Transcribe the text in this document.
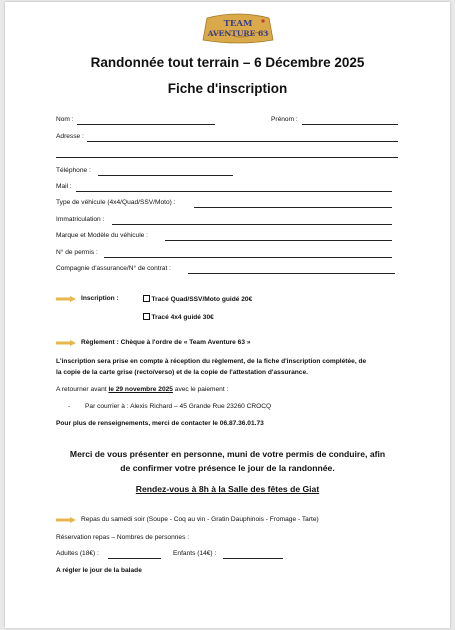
TEAM
AVENTURE 63
Randonnée tout terrain – 6 Décembre 2025
Fiche d'inscription
Nom :	Prénom :
Adresse :
Téléphone :
Mail :
Type de véhicule (4x4/Quad/SSV/Moto) :
Immatriculation :
Marque et Modèle du véhicule :
N° de permis :
Compagnie d'assurance/N° de contrat :
Inscription :	Tracé Quad/SSV/Moto guidé 20€
Tracé 4x4 guidé 30€
Règlement : Chèque à l'ordre de « Team Aventure 63 »
L'inscription sera prise en compte à réception du règlement, de la fiche d'inscription complétée, de
la copie de la carte grise (recto/verso) et de la copie de l'attestation d'assurance.
A retourner avant le 29 novembre 2025 avec le paiement :
- Par courrier à : Alexis Richard – 45 Grande Rue 23260 CROCQ
Pour plus de renseignements, merci de contacter le 06.87.36.01.73
Merci de vous présenter en personne, muni de votre permis de conduire, afin
de confirmer votre présence le jour de la randonnée.
Rendez-vous à 8h à la Salle des fêtes de Giat
Repas du samedi soir (Soupe - Coq au vin - Gratin Dauphinois - Fromage - Tarte)
Réservation repas – Nombres de personnes :
Adultes (18€) :	Enfants (14€) :
A régler le jour de la balade
